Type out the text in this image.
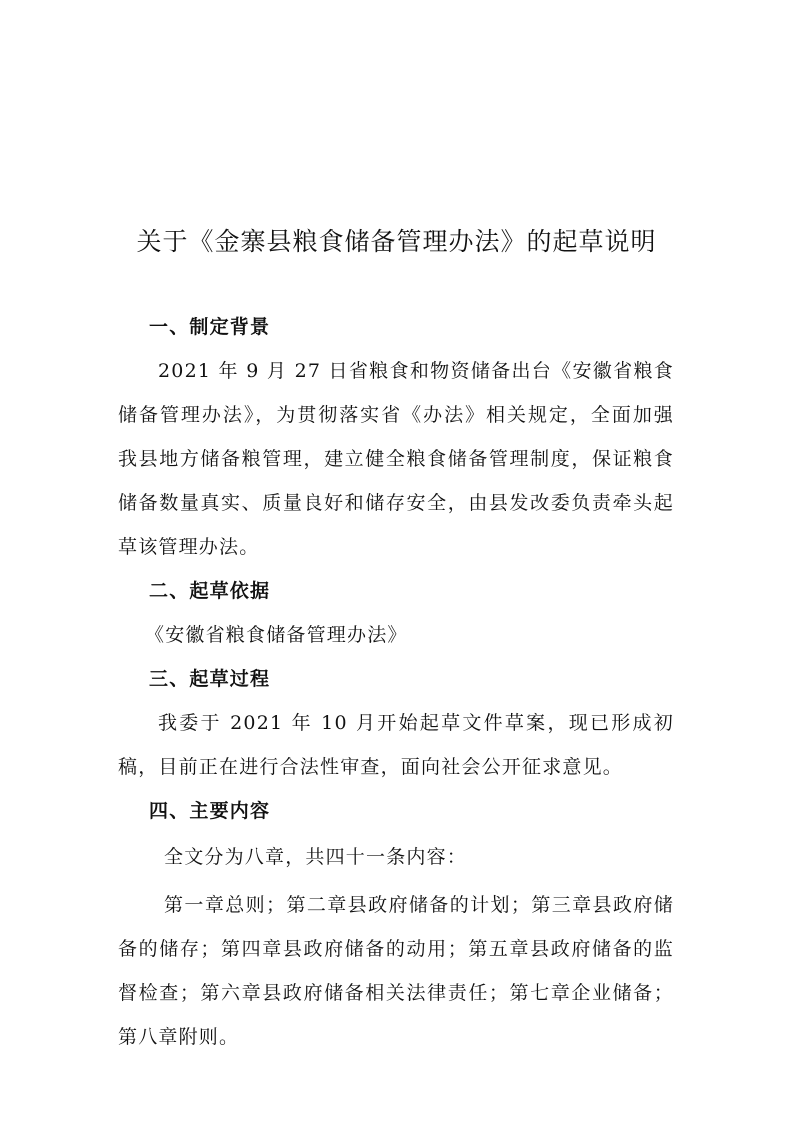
关于《金寨县粮食储备管理办法》的起草说明

一、制定背景

2021 年 9 月 27 日省粮食和物资储备出台《安徽省粮食储备管理办法》，为贯彻落实省《办法》相关规定，全面加强我县地方储备粮管理，建立健全粮食储备管理制度，保证粮食储备数量真实、质量良好和储存安全，由县发改委负责牵头起草该管理办法。

二、起草依据

《安徽省粮食储备管理办法》

三、起草过程

我委于 2021 年 10 月开始起草文件草案，现已形成初稿，目前正在进行合法性审查，面向社会公开征求意见。

四、主要内容

全文分为八章，共四十一条内容：

第一章总则；第二章县政府储备的计划；第三章县政府储备的储存；第四章县政府储备的动用；第五章县政府储备的监督检查；第六章县政府储备相关法律责任；第七章企业储备；第八章附则。
